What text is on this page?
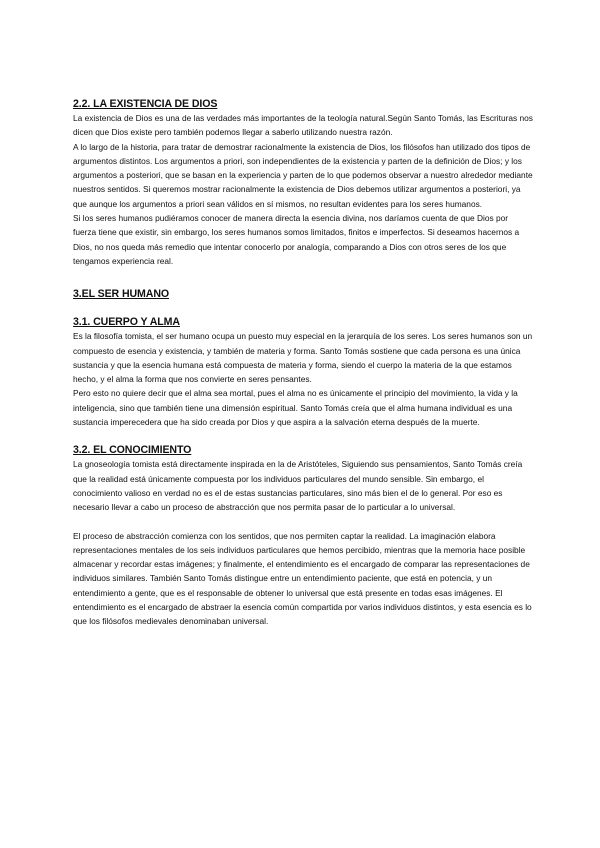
2.2. LA EXISTENCIA DE DIOS

La existencia de Dios es una de las verdades más importantes de la teología natural.Según Santo Tomás, las Escrituras nos dicen que Dios existe pero también podemos llegar a saberlo utilizando nuestra razón.

A lo largo de la historia, para tratar de demostrar racionalmente la existencia de Dios, los filósofos han utilizado dos tipos de argumentos distintos. Los argumentos a priori, son independientes de la existencia y parten de la definición de Dios; y los argumentos a posteriori, que se basan en la experiencia y parten de lo que podemos observar a nuestro alrededor mediante nuestros sentidos. Si queremos mostrar racionalmente la existencia de Dios debemos utilizar argumentos a posteriori, ya que aunque los argumentos a priori sean válidos en sí mismos, no resultan evidentes para los seres humanos.

Si los seres humanos pudiéramos conocer de manera directa la esencia divina, nos daríamos cuenta de que Dios por fuerza tiene que existir, sin embargo, los seres humanos somos limitados, finitos e imperfectos. Si deseamos hacernos a Dios, no nos queda más remedio que intentar conocerlo por analogía, comparando a Dios con otros seres de los que tengamos experiencia real.

3.EL SER HUMANO
3.1. CUERPO Y ALMA

Es la filosofía tomista, el ser humano ocupa un puesto muy especial en la jerarquía de los seres. Los seres humanos son un compuesto de esencia y existencia, y también de materia y forma. Santo Tomás sostiene que cada persona es una única sustancia y que la esencia humana está compuesta de materia y forma, siendo el cuerpo la materia de la que estamos hecho, y el alma la forma que nos convierte en seres pensantes.

Pero esto no quiere decir que el alma sea mortal, pues el alma no es únicamente el principio del movimiento, la vida y la inteligencia, sino que también tiene una dimensión espiritual. Santo Tomás creía que el alma humana individual es una sustancia imperecedera que ha sido creada por Dios y que aspira a la salvación eterna después de la muerte.

3.2. EL CONOCIMIENTO

La gnoseología tomista está directamente inspirada en la de Aristóteles, Siguiendo sus pensamientos, Santo Tomás creía que la realidad está únicamente compuesta por los individuos particulares del mundo sensible. Sin embargo, el conocimiento valioso en verdad no es el de estas sustancias particulares, sino más bien el de lo general. Por eso es necesario llevar a cabo un proceso de abstracción que nos permita pasar de lo particular a lo universal.

El proceso de abstracción comienza con los sentidos, que nos permiten captar la realidad. La imaginación elabora representaciones mentales de los seis individuos particulares que hemos percibido, mientras que la memoria hace posible almacenar y recordar estas imágenes; y finalmente, el entendimiento es el encargado de comparar las representaciones de individuos similares. También Santo Tomás distingue entre un entendimiento paciente, que está en potencia, y un entendimiento a gente, que es el responsable de obtener lo universal que está presente en todas esas imágenes. El entendimiento es el encargado de abstraer la esencia común compartida por varios individuos distintos, y esta esencia es lo que los filósofos medievales denominaban universal.
